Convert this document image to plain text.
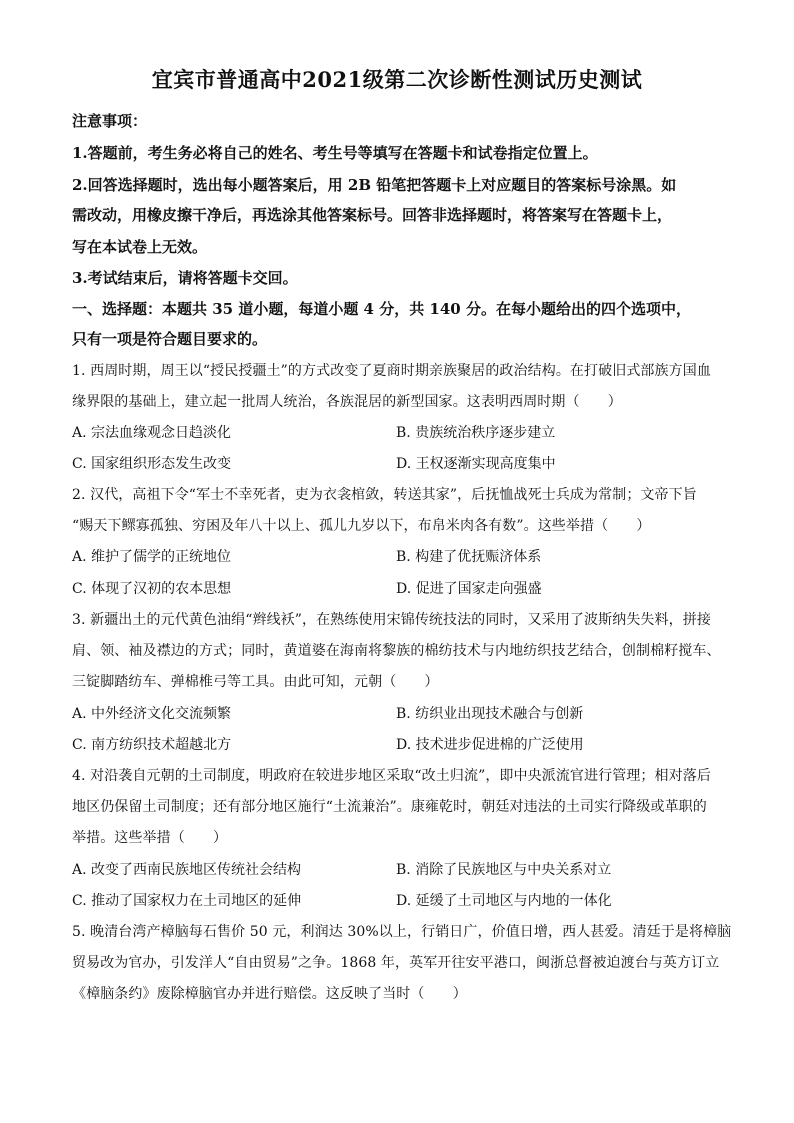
宜宾市普通高中2021级第二次诊断性测试历史测试
注意事项：
1.答题前，考生务必将自己的姓名、考生号等填写在答题卡和试卷指定位置上。
2.回答选择题时，选出每小题答案后，用 2B 铅笔把答题卡上对应题目的答案标号涂黑。如
需改动，用橡皮擦干净后，再选涂其他答案标号。回答非选择题时，将答案写在答题卡上，
写在本试卷上无效。
3.考试结束后，请将答题卡交回。
一、选择题：本题共 35 道小题，每道小题 4 分，共 140 分。在每小题给出的四个选项中，
只有一项是符合题目要求的。
1. 西周时期，周王以“授民授疆土”的方式改变了夏商时期亲族聚居的政治结构。在打破旧式部族方国血
缘界限的基础上，建立起一批周人统治，各族混居的新型国家。这表明西周时期（　　）
A. 宗法血缘观念日趋淡化	B. 贵族统治秩序逐步建立
C. 国家组织形态发生改变	D. 王权逐渐实现高度集中
2. 汉代，高祖下令“军士不幸死者，吏为衣衾棺敛，转送其家”，后抚恤战死士兵成为常制；文帝下旨
“赐天下鳏寡孤独、穷困及年八十以上、孤儿九岁以下，布帛米肉各有数”。这些举措（　　）
A. 维护了儒学的正统地位	B. 构建了优抚赈济体系
C. 体现了汉初的农本思想	D. 促进了国家走向强盛
3. 新疆出土的元代黄色油绢“辫线袄”，在熟练使用宋锦传统技法的同时，又采用了波斯纳失失料，拼接
肩、领、袖及襟边的方式；同时，黄道婆在海南将黎族的棉纺技术与内地纺织技艺结合，创制棉籽搅车、
三锭脚踏纺车、弹棉椎弓等工具。由此可知，元朝（　　）
A. 中外经济文化交流频繁	B. 纺织业出现技术融合与创新
C. 南方纺织技术超越北方	D. 技术进步促进棉的广泛使用
4. 对沿袭自元朝的土司制度，明政府在较进步地区采取“改土归流”，即中央派流官进行管理；相对落后
地区仍保留土司制度；还有部分地区施行“土流兼治”。康雍乾时，朝廷对违法的土司实行降级或革职的
举措。这些举措（　　）
A. 改变了西南民族地区传统社会结构	B. 消除了民族地区与中央关系对立
C. 推动了国家权力在土司地区的延伸	D. 延缓了土司地区与内地的一体化
5. 晚清台湾产樟脑每石售价 50 元，利润达 30%以上，行销日广，价值日增，西人甚爱。清廷于是将樟脑
贸易改为官办，引发洋人“自由贸易”之争。1868 年，英军开往安平港口，闽浙总督被迫渡台与英方订立
《樟脑条约》废除樟脑官办并进行赔偿。这反映了当时（　　）
